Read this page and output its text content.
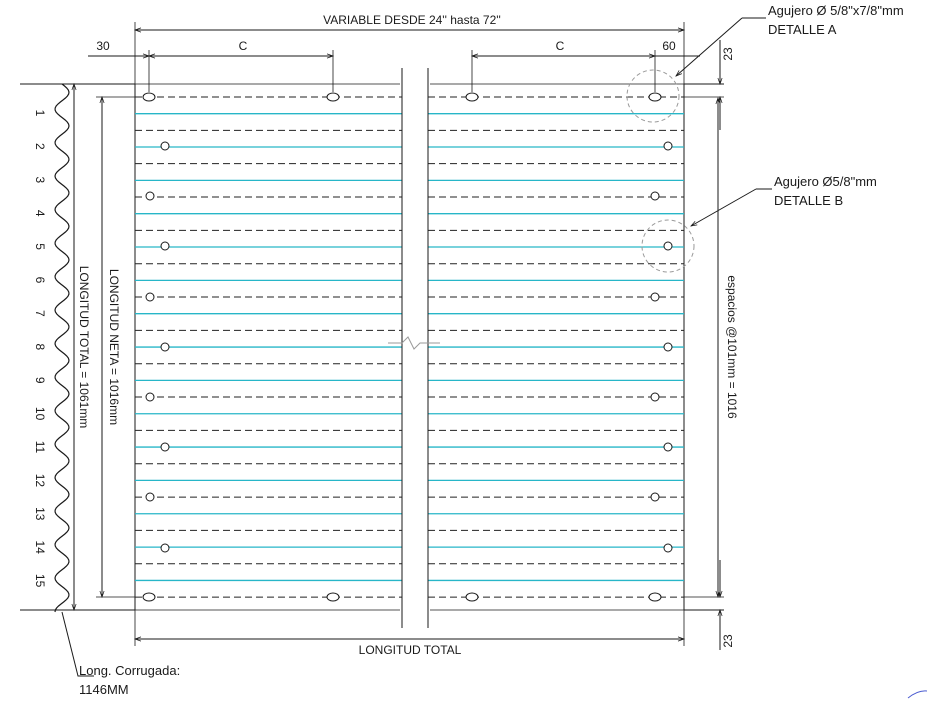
VARIABLE DESDE 24'' hasta 72''
30	C	C	60
23
espacios @101mm = 1016
23
Agujero Ø 5/8"x7/8"mm
DETALLE A
Agujero Ø5/8"mm
DETALLE B
LONGITUD NETA = 1016mm
LONGITUD TOTAL = 1061mm
1
2
3
4
5
6
7
8
9
10
11
12
13
14
15
LONGITUD TOTAL
Long. Corrugada:
1146MM
